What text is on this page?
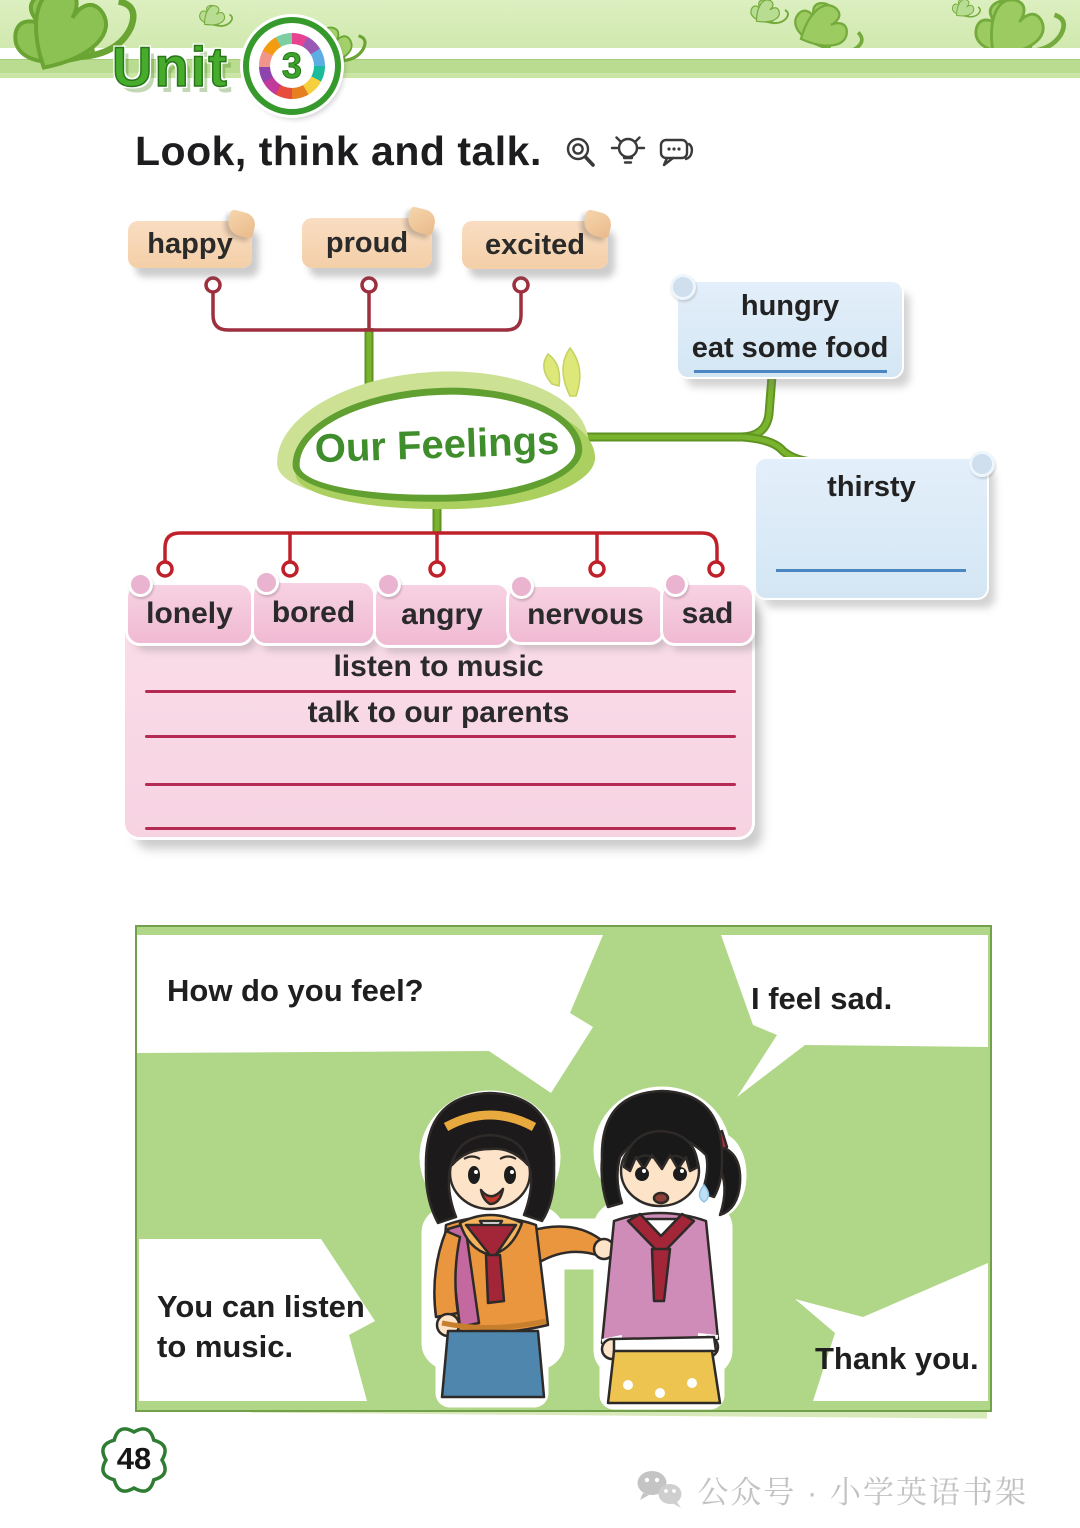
Unit	3
Look, think and talk.
happy	proud	excited
Our Feelings
hungry
eat some food
thirsty
listen to music
talk to our parents
lonely bored angry nervous sad
How do you feel?	I feel sad.
You can listen
to music.	Thank you.
48
公众号 · 小学英语书架
